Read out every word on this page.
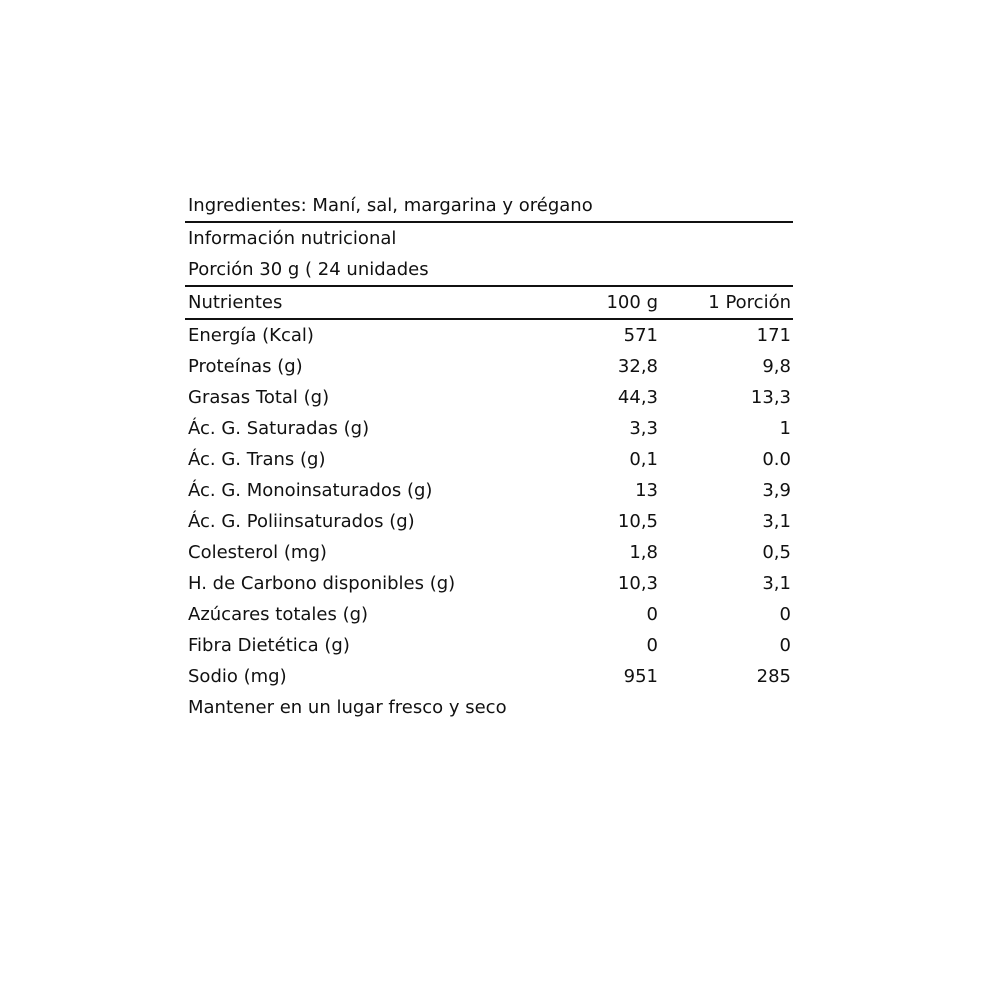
Ingredientes: Maní, sal, margarina y orégano
Información nutricional
Porción 30 g ( 24 unidades
Nutrientes	100 g	1 Porción
Energía (Kcal)	571	171
Proteínas (g)	32,8	9,8
Grasas Total (g)	44,3	13,3
Ác. G. Saturadas (g)	3,3	1
Ác. G. Trans (g)	0,1	0.0
Ác. G. Monoinsaturados (g)	13	3,9
Ác. G. Poliinsaturados (g)	10,5	3,1
Colesterol (mg)	1,8	0,5
H. de Carbono disponibles (g)	10,3	3,1
Azúcares totales (g)	0	0
Fibra Dietética (g)	0	0
Sodio (mg)	951	285
Mantener en un lugar fresco y seco
